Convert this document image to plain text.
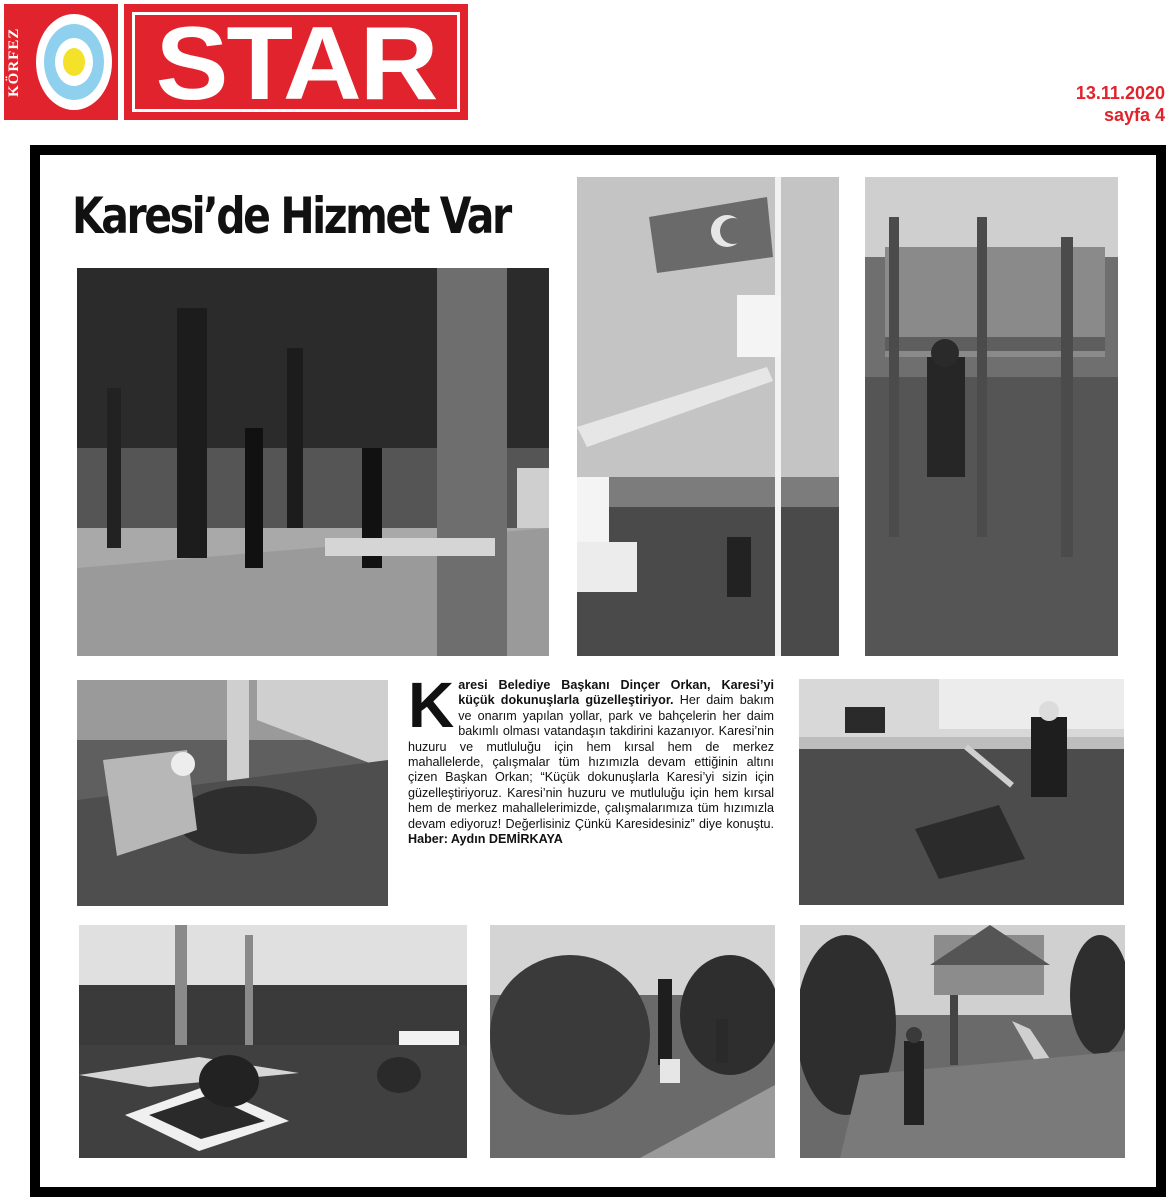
KÖRFEZ	STAR	13.11.2020
sayfa 4
Karesi’de Hizmet Var
Karesi Belediye Başkanı Dinçer Orkan, Karesi’yi küçük dokunuşlarla güzelleştiriyor. Her daim bakım ve onarım yapılan yollar, park ve bahçelerin her daim bakımlı olması vatandaşın takdirini kazanıyor. Karesi’nin huzuru ve mutluluğu için hem kırsal hem de merkez mahallelerde, çalışmalar tüm hızımızla devam ettiğinin altını çizen Başkan Orkan; “Küçük dokunuşlarla Karesi’yi sizin için güzelleştiriyoruz. Karesi’nin huzuru ve mutluluğu için hem kırsal hem de merkez mahallelerimizde, çalışmalarımıza tüm hızımızla devam ediyoruz! Değerlisiniz Çünkü Karesidesiniz” diye konuştu. Haber: Aydın DEMİRKAYA
